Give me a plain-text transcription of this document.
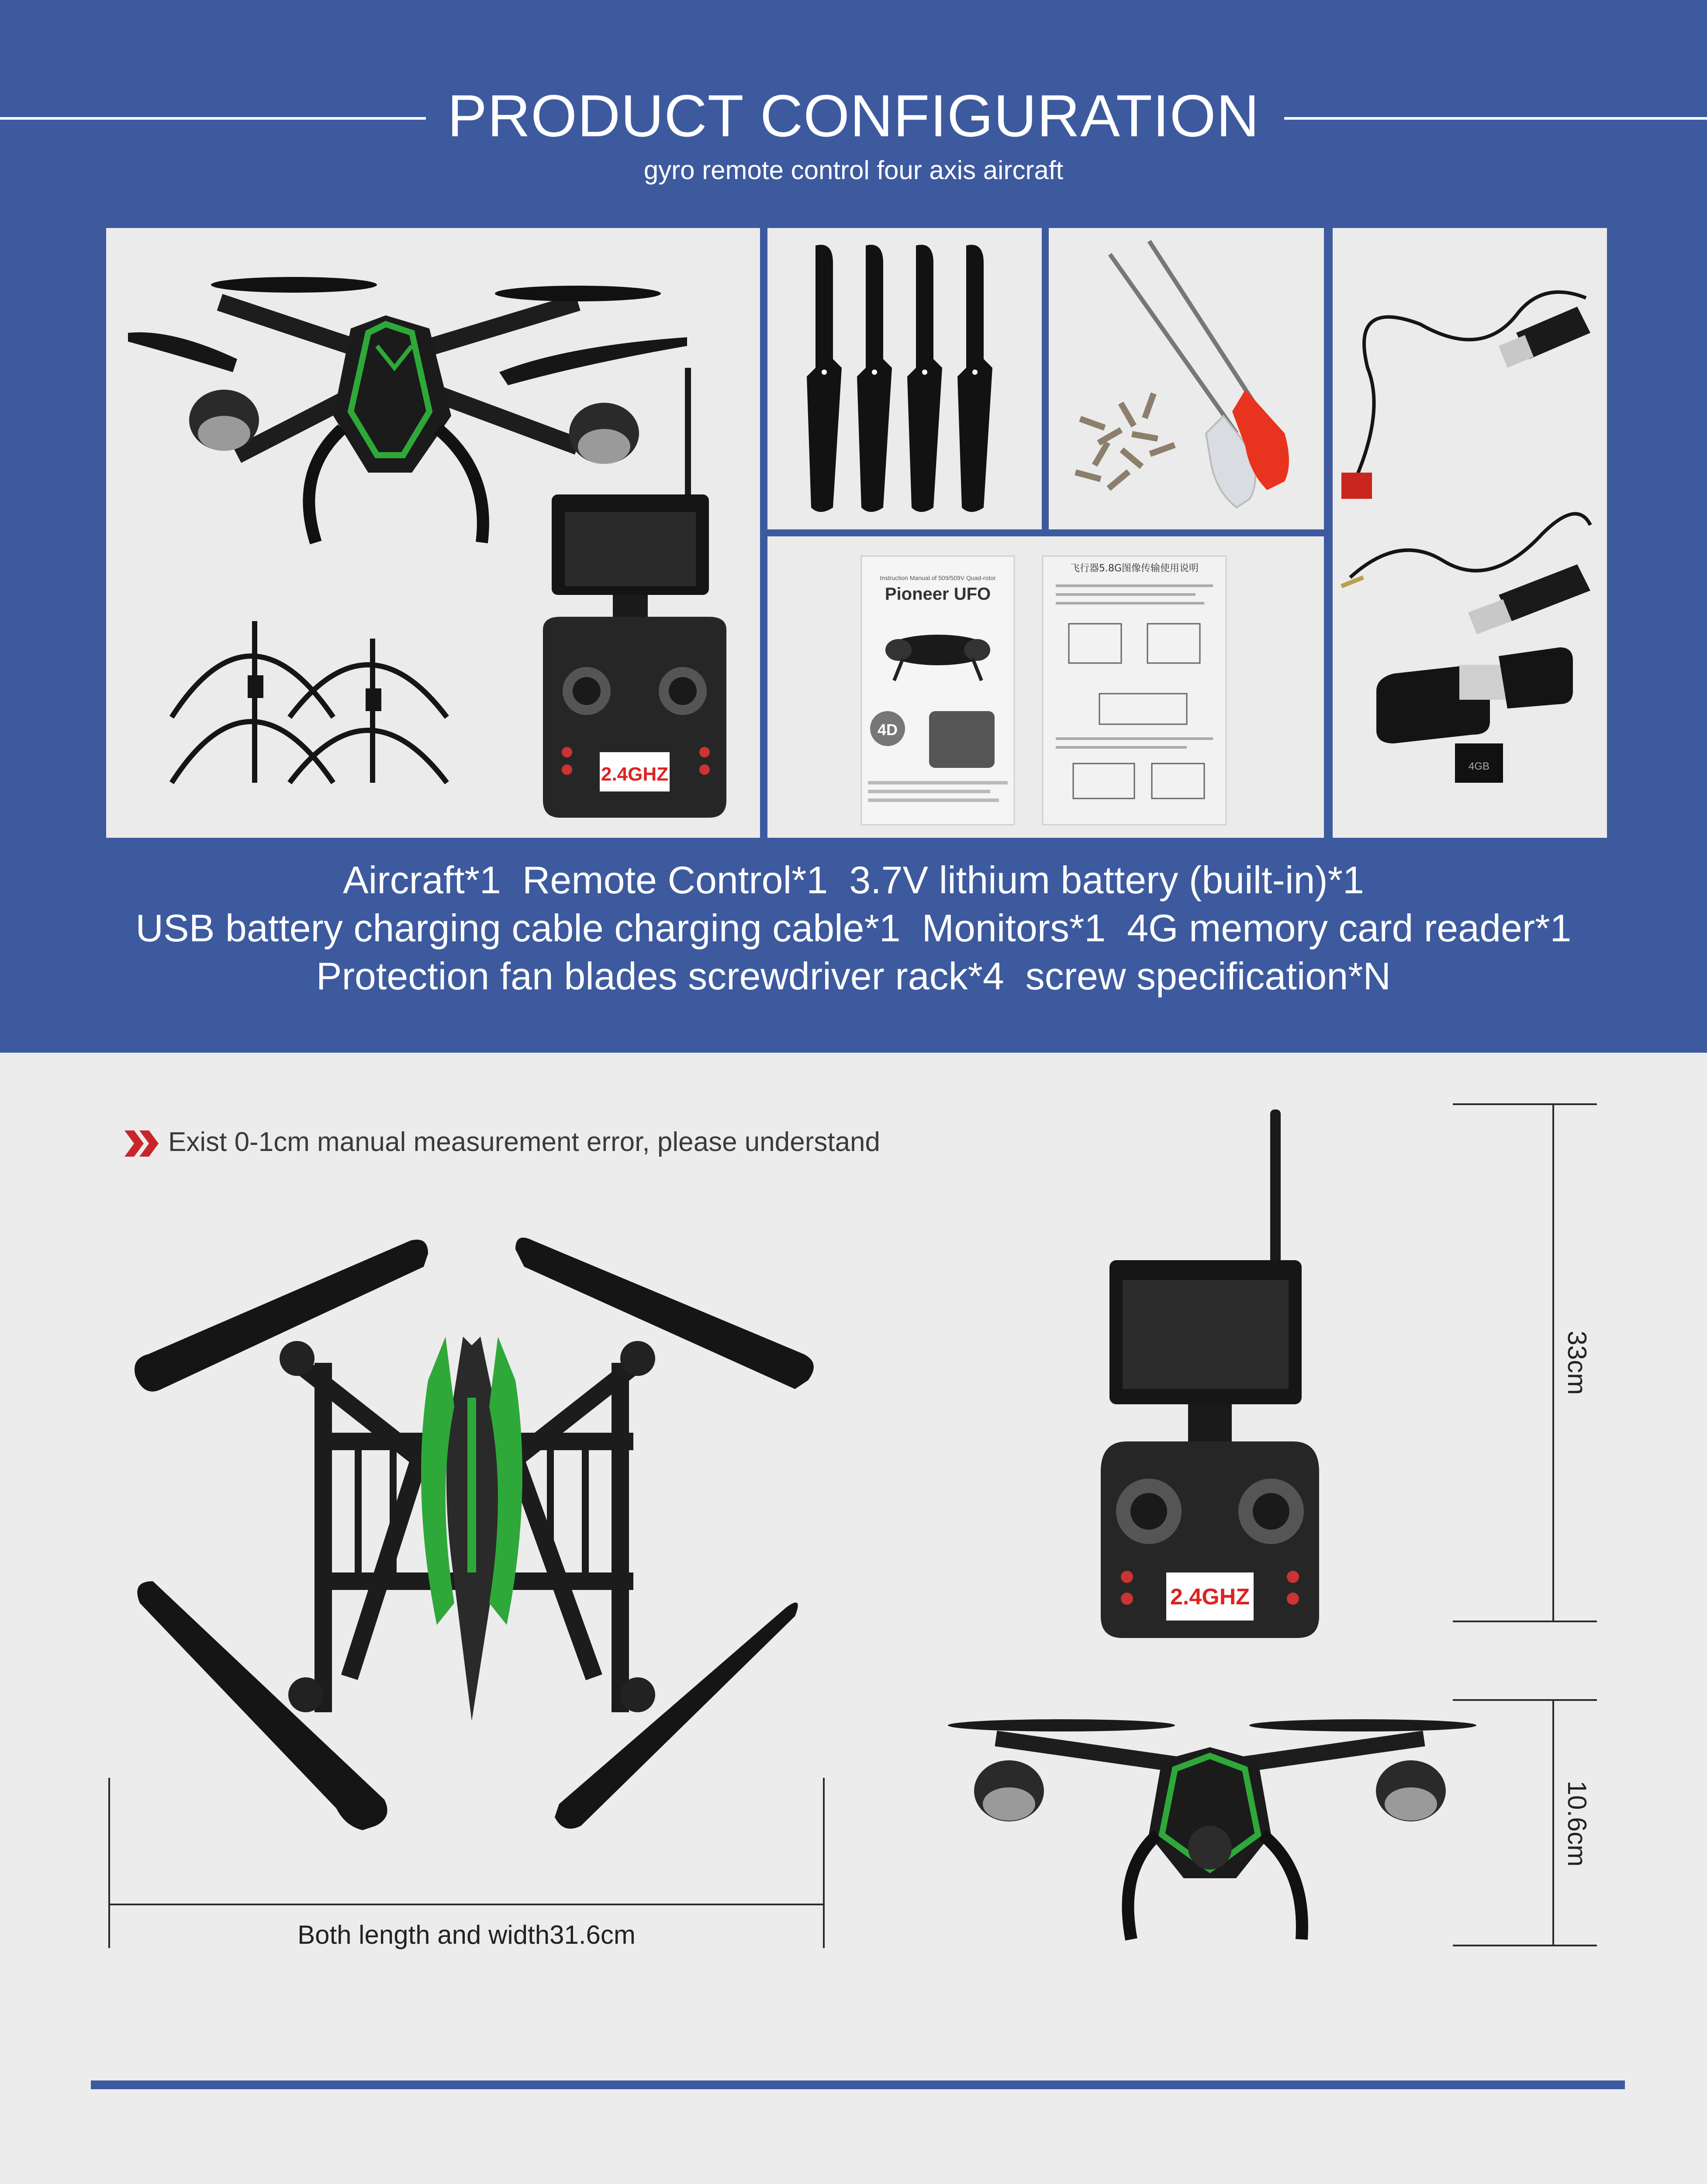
PRODUCT CONFIGURATION
gyro remote control four axis aircraft
2.4GHZ	4GB
Pioneer UFO
Instruction Manual of 509/509V Quad-rotor
4D
飞行器5.8G图像传输使用说明
Aircraft*1  Remote Control*1  3.7V lithium battery (built-in)*1
USB battery charging cable charging cable*1  Monitors*1  4G memory card reader*1
Protection fan blades screwdriver rack*4  screw specification*N
Exist 0-1cm manual measurement error, please understand
Both length and width31.6cm
2.4GHZ
33cm
10.6cm
